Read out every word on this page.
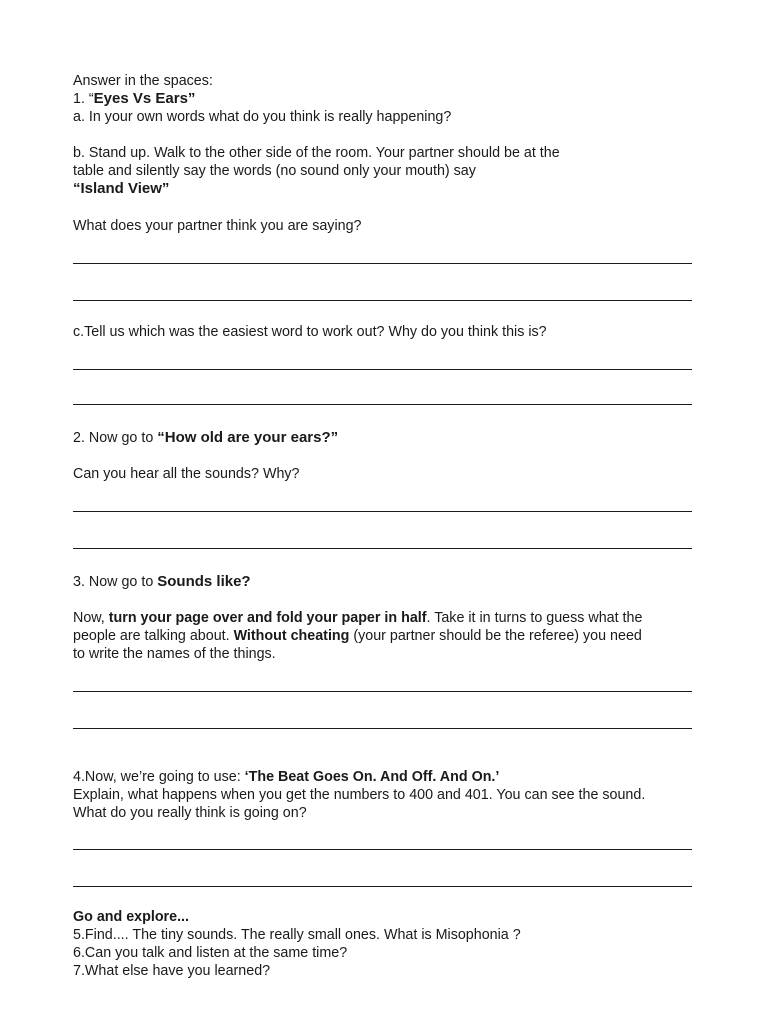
Answer in the spaces:
1. “Eyes Vs Ears”
a. In your own words what do you think is really happening?
b. Stand up. Walk to the other side of the room. Your partner should be at the
table and silently say the words (no sound only your mouth) say
“Island View”
What does your partner think you are saying?
c.Tell us which was the easiest word to work out? Why do you think this is?
2. Now go to “How old are your ears?”
Can you hear all the sounds? Why?
3. Now go to Sounds like?
Now, turn your page over and fold your paper in half. Take it in turns to guess what the
people are talking about. Without cheating (your partner should be the referee) you need
to write the names of the things.
4.Now, we’re going to use: ‘The Beat Goes On. And Off. And On.’
Explain, what happens when you get the numbers to 400 and 401. You can see the sound.
What do you really think is going on?
Go and explore...
5.Find.... The tiny sounds. The really small ones. What is Misophonia ?
6.Can you talk and listen at the same time?
7.What else have you learned?
